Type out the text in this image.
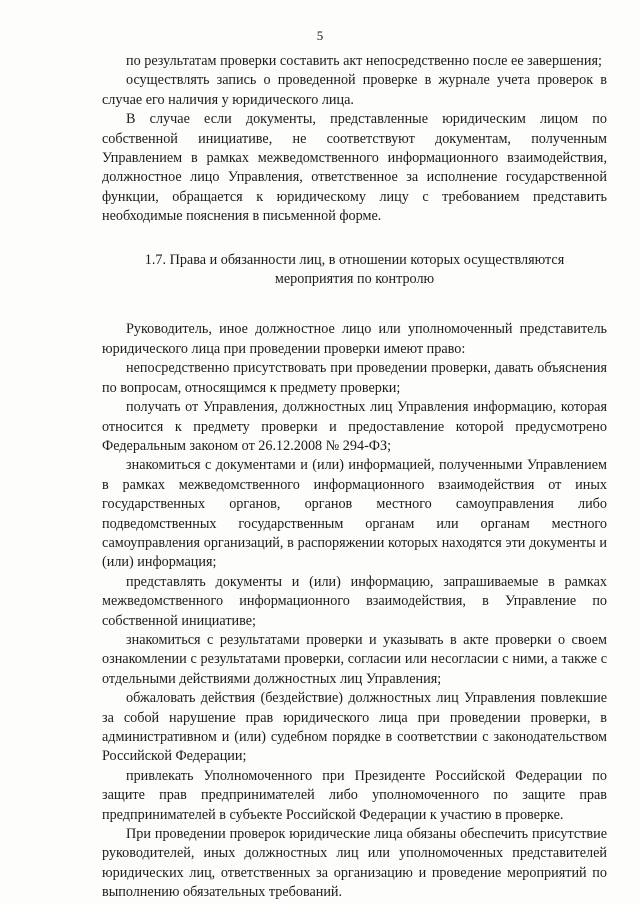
5

по результатам проверки составить акт непосредственно после ее завершения;

осуществлять запись о проведенной проверке в журнале учета проверок в случае его наличия у юридического лица.

В случае если документы, представленные юридическим лицом по собственной инициативе, не соответствуют документам, полученным Управлением в рамках межведомственного информационного взаимодействия, должностное лицо Управления, ответственное за исполнение государственной функции, обращается к юридическому лицу с требованием представить необходимые пояснения в письменной форме.

1.7. Права и обязанности лиц, в отношении которых осуществляются мероприятия по контролю

Руководитель, иное должностное лицо или уполномоченный представитель юридического лица при проведении проверки имеют право:

непосредственно присутствовать при проведении проверки, давать объяснения по вопросам, относящимся к предмету проверки;

получать от Управления, должностных лиц Управления информацию, которая относится к предмету проверки и предоставление которой предусмотрено Федеральным законом от 26.12.2008 № 294-ФЗ;

знакомиться с документами и (или) информацией, полученными Управлением в рамках межведомственного информационного взаимодействия от иных государственных органов, органов местного самоуправления либо подведомственных государственным органам или органам местного самоуправления организаций, в распоряжении которых находятся эти документы и (или) информация;

представлять документы и (или) информацию, запрашиваемые в рамках межведомственного информационного взаимодействия, в Управление по собственной инициативе;

знакомиться с результатами проверки и указывать в акте проверки о своем ознакомлении с результатами проверки, согласии или несогласии с ними, а также с отдельными действиями должностных лиц Управления;

обжаловать действия (бездействие) должностных лиц Управления повлекшие за собой нарушение прав юридического лица при проведении проверки, в административном и (или) судебном порядке в соответствии с законодательством Российской Федерации;

привлекать Уполномоченного при Президенте Российской Федерации по защите прав предпринимателей либо уполномоченного по защите прав предпринимателей в субъекте Российской Федерации к участию в проверке.

При проведении проверок юридические лица обязаны обеспечить присутствие руководителей, иных должностных лиц или уполномоченных представителей юридических лиц, ответственных за организацию и проведение мероприятий по выполнению обязательных требований.
